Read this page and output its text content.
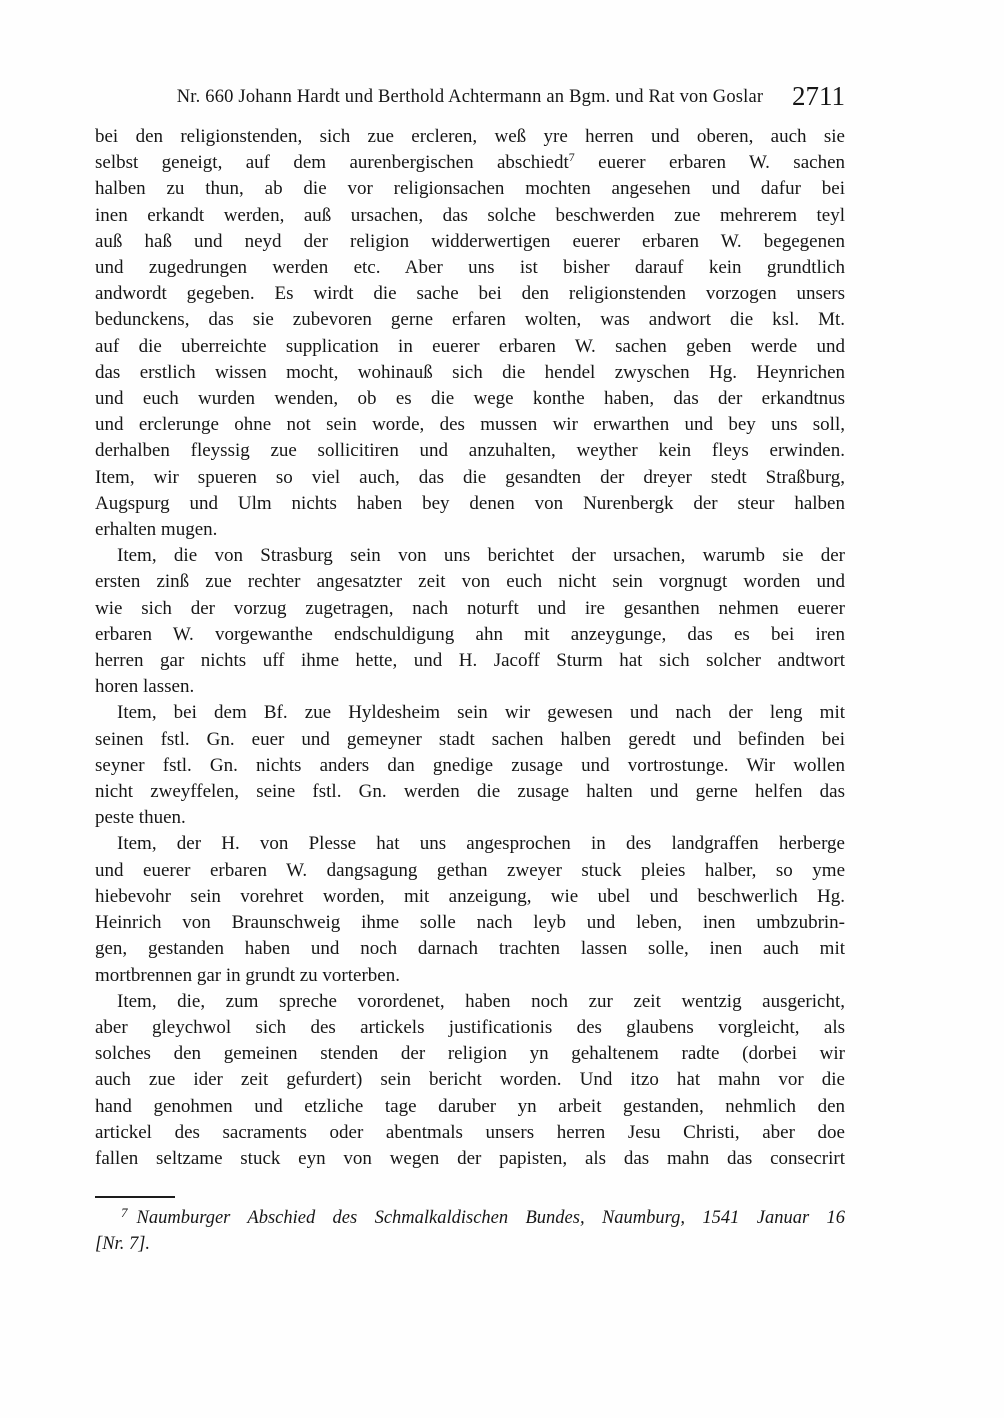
Nr. 660 Johann Hardt und Berthold Achtermann an Bgm. und Rat von Goslar	2711
bei den religionstenden, sich zue ercleren, weß yre herren und oberen, auch sie
selbst geneigt, auf dem aurenbergischen abschiedt$^7$ euerer erbaren W. sachen
halben zu thun, ab die vor religionsachen mochten angesehen und dafur bei
inen erkandt werden, auß ursachen, das solche beschwerden zue mehrerem teyl
auß haß und neyd der religion widderwertigen euerer erbaren W. begegenen
und zugedrungen werden etc. Aber uns ist bisher darauf kein grundtlich
andwordt gegeben. Es wirdt die sache bei den religionstenden vorzogen unsers
bedunckens, das sie zubevoren gerne erfaren wolten, was andwort die ksl. Mt.
auf die uberreichte supplication in euerer erbaren W. sachen geben werde und
das erstlich wissen mocht, wohinauß sich die hendel zwyschen Hg. Heynrichen
und euch wurden wenden, ob es die wege konthe haben, das der erkandtnus
und erclerunge ohne not sein worde, des mussen wir erwarthen und bey uns soll,
derhalben fleyssig zue sollicitiren und anzuhalten, weyther kein fleys erwinden.
Item, wir spueren so viel auch, das die gesandten der dreyer stedt Straßburg,
Augspurg und Ulm nichts haben bey denen von Nurenbergk der steur halben
erhalten mugen.
Item, die von Strasburg sein von uns berichtet der ursachen, warumb sie der
ersten zinß zue rechter angesatzter zeit von euch nicht sein vorgnugt worden und
wie sich der vorzug zugetragen, nach noturft und ire gesanthen nehmen euerer
erbaren W. vorgewanthe endschuldigung ahn mit anzeygunge, das es bei iren
herren gar nichts uff ihme hette, und H. Jacoff Sturm hat sich solcher andtwort
horen lassen.
Item, bei dem Bf. zue Hyldesheim sein wir gewesen und nach der leng mit
seinen fstl. Gn. euer und gemeyner stadt sachen halben geredt und befinden bei
seyner fstl. Gn. nichts anders dan gnedige zusage und vortrostunge. Wir wollen
nicht zweyffelen, seine fstl. Gn. werden die zusage halten und gerne helfen das
peste thuen.
Item, der H. von Plesse hat uns angesprochen in des landgraffen herberge
und euerer erbaren W. dangsagung gethan zweyer stuck pleies halber, so yme
hiebevohr sein vorehret worden, mit anzeigung, wie ubel und beschwerlich Hg.
Heinrich von Braunschweig ihme solle nach leyb und leben, inen umbzubrin-
gen, gestanden haben und noch darnach trachten lassen solle, inen auch mit
mortbrennen gar in grundt zu vorterben.
Item, die, zum spreche vorordenet, haben noch zur zeit wentzig ausgericht,
aber gleychwol sich des artickels justificationis des glaubens vorgleicht, als
solches den gemeinen stenden der religion yn gehaltenem radte (dorbei wir
auch zue ider zeit gefurdert) sein bericht worden. Und itzo hat mahn vor die
hand genohmen und etzliche tage daruber yn arbeit gestanden, nehmlich den
artickel des sacraments oder abentmals unsers herren Jesu Christi, aber doe
fallen seltzame stuck eyn von wegen der papisten, als das mahn das consecrirt
$^7$ Naumburger Abschied des Schmalkaldischen Bundes, Naumburg, 1541 Januar 16
[Nr. 7].
